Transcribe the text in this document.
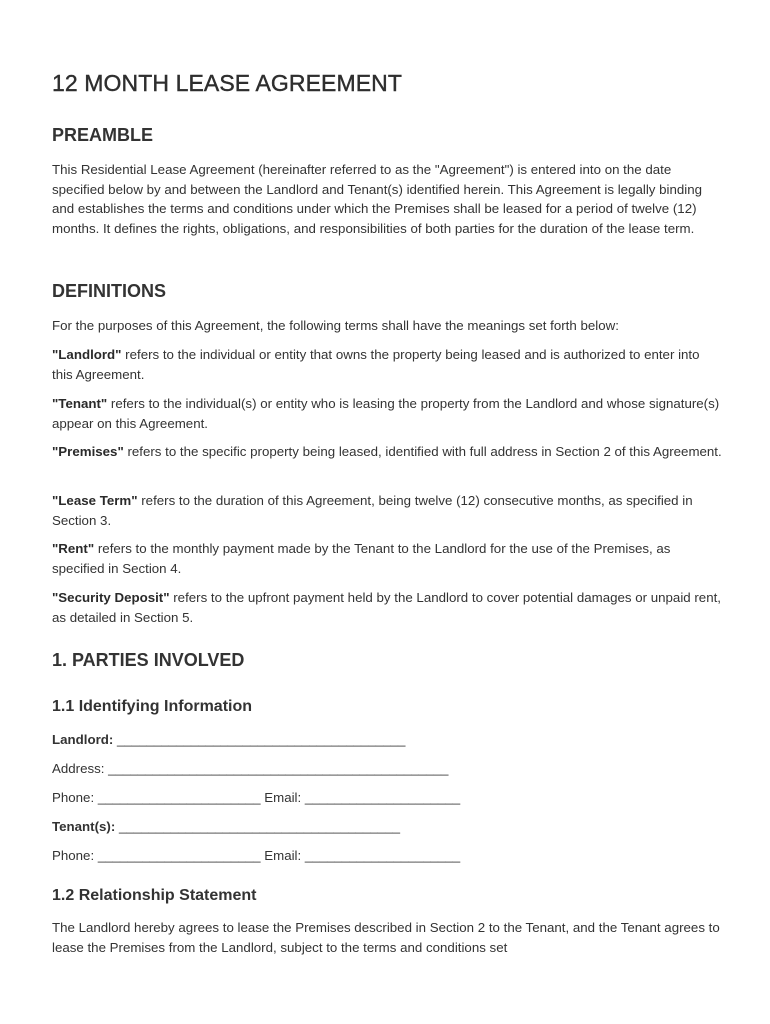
12 MONTH LEASE AGREEMENT
PREAMBLE

This Residential Lease Agreement (hereinafter referred to as the "Agreement") is entered into on the date specified below by and between the Landlord and Tenant(s) identified herein. This Agreement is legally binding and establishes the terms and conditions under which the Premises shall be leased for a period of twelve (12) months. It defines the rights, obligations, and responsibilities of both parties for the duration of the lease term.

DEFINITIONS

For the purposes of this Agreement, the following terms shall have the meanings set forth below:

"Landlord" refers to the individual or entity that owns the property being leased and is authorized to enter into this Agreement.

"Tenant" refers to the individual(s) or entity who is leasing the property from the Landlord and whose signature(s) appear on this Agreement.

"Premises" refers to the specific property being leased, identified with full address in Section 2 of this Agreement.

"Lease Term" refers to the duration of this Agreement, being twelve (12) consecutive months, as specified in Section 3.

"Rent" refers to the monthly payment made by the Tenant to the Landlord for the use of the Premises, as specified in Section 4.

"Security Deposit" refers to the upfront payment held by the Landlord to cover potential damages or unpaid rent, as detailed in Section 5.

1. PARTIES INVOLVED
1.1 Identifying Information
Landlord: _______________________________________
Address: ______________________________________________
Phone: ______________________ Email: _____________________
Tenant(s): ______________________________________
Phone: ______________________ Email: _____________________
1.2 Relationship Statement

The Landlord hereby agrees to lease the Premises described in Section 2 to the Tenant, and the Tenant agrees to lease the Premises from the Landlord, subject to the terms and conditions set
